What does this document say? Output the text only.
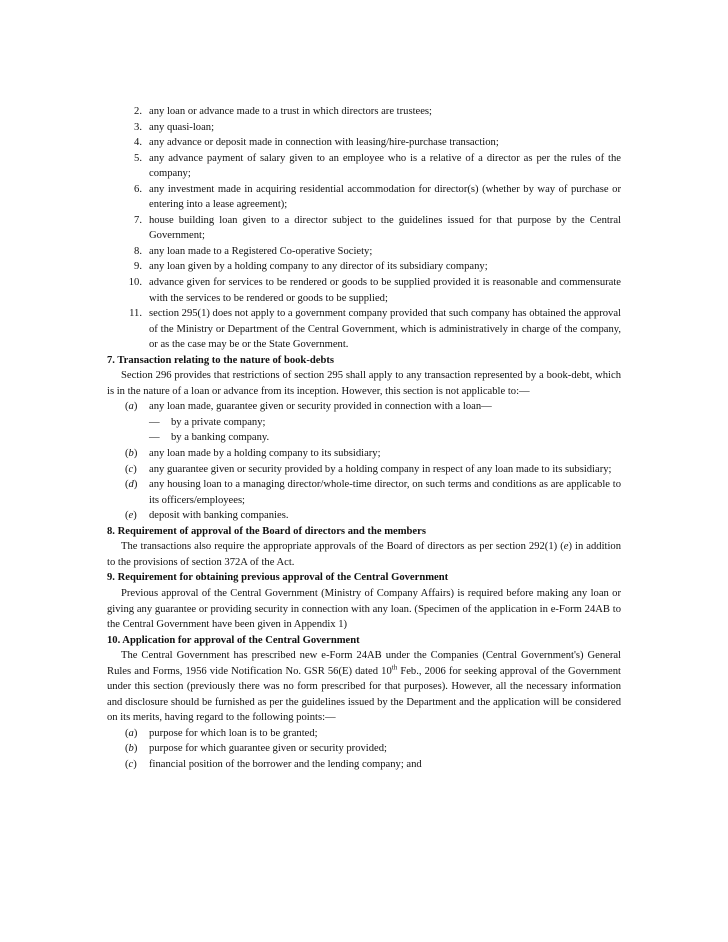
2. any loan or advance made to a trust in which directors are trustees;
3. any quasi-loan;
4. any advance or deposit made in connection with leasing/hire-purchase transaction;
5. any advance payment of salary given to an employee who is a relative of a director as per the rules of the company;
6. any investment made in acquiring residential accommodation for director(s) (whether by way of purchase or entering into a lease agreement);
7. house building loan given to a director subject to the guidelines issued for that purpose by the Central Government;
8. any loan made to a Registered Co-operative Society;
9. any loan given by a holding company to any director of its subsidiary company;
10. advance given for services to be rendered or goods to be supplied provided it is reasonable and commensurate with the services to be rendered or goods to be supplied;
11. section 295(1) does not apply to a government company provided that such company has obtained the approval of the Ministry or Department of the Central Government, which is administratively in charge of the company, or as the case may be or the State Government.
7. Transaction relating to the nature of book-debts
Section 296 provides that restrictions of section 295 shall apply to any transaction represented by a book-debt, which is in the nature of a loan or advance from its inception. However, this section is not applicable to:—
(a)	any loan made, guarantee given or security provided in connection with a loan—
—	by a private company;
—	by a banking company.
(b)	any loan made by a holding company to its subsidiary;
(c)	any guarantee given or security provided by a holding company in respect of any loan made to its subsidiary;
(d)	any housing loan to a managing director/whole-time director, on such terms and conditions as are applicable to its officers/employees;
(e)	deposit with banking companies.
8. Requirement of approval of the Board of directors and the members
The transactions also require the appropriate approvals of the Board of directors as per section 292(1) (e) in addition to the provisions of section 372A of the Act.
9. Requirement for obtaining previous approval of the Central Government
Previous approval of the Central Government (Ministry of Company Affairs) is required before making any loan or giving any guarantee or providing security in connection with any loan. (Specimen of the application in e-Form 24AB to the Central Government have been given in Appendix 1)
10. Application for approval of the Central Government
The Central Government has prescribed new e-Form 24AB under the Companies (Central Government's) General Rules and Forms, 1956 vide Notification No. GSR 56(E) dated 10th Feb., 2006 for seeking approval of the Government under this section (previously there was no form prescribed for that purposes). However, all the necessary information and disclosure should be furnished as per the guidelines issued by the Department and the application will be considered on its merits, having regard to the following points:—
(a)	purpose for which loan is to be granted;
(b)	purpose for which guarantee given or security provided;
(c)	financial position of the borrower and the lending company; and
